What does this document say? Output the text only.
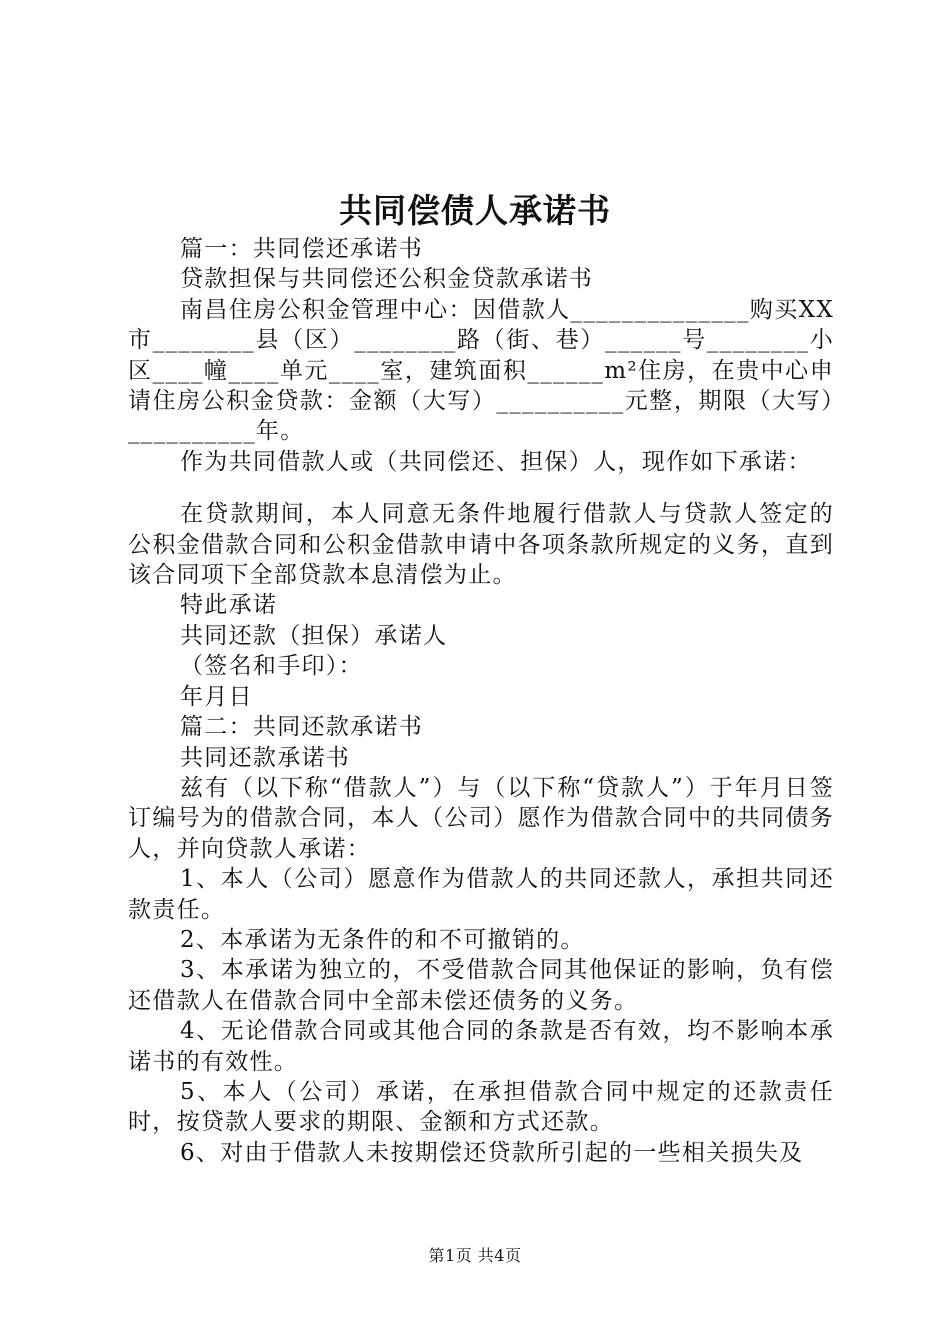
共同偿债人承诺书

篇一：共同偿还承诺书

贷款担保与共同偿还公积金贷款承诺书

南昌住房公积金管理中心：因借款人______________购买XX市________县（区）________路（街、巷）______号________小区____幢____单元____室，建筑面积______m²住房，在贵中心申请住房公积金贷款：金额（大写）__________元整，期限（大写）__________年。

作为共同借款人或（共同偿还、担保）人，现作如下承诺：

在贷款期间，本人同意无条件地履行借款人与贷款人签定的公积金借款合同和公积金借款申请中各项条款所规定的义务，直到该合同项下全部贷款本息清偿为止。

特此承诺

共同还款（担保）承诺人

（签名和手印）：

年月日

篇二：共同还款承诺书

共同还款承诺书

兹有（以下称“借款人”）与（以下称“贷款人”）于年月日签订编号为的借款合同，本人（公司）愿作为借款合同中的共同债务人，并向贷款人承诺：

1、本人（公司）愿意作为借款人的共同还款人，承担共同还款责任。

2、本承诺为无条件的和不可撤销的。

3、本承诺为独立的，不受借款合同其他保证的影响，负有偿还借款人在借款合同中全部未偿还债务的义务。

4、无论借款合同或其他合同的条款是否有效，均不影响本承诺书的有效性。

5、本人（公司）承诺，在承担借款合同中规定的还款责任时，按贷款人要求的期限、金额和方式还款。

6、对由于借款人未按期偿还贷款所引起的一些相关损失及

第1页 共4页
